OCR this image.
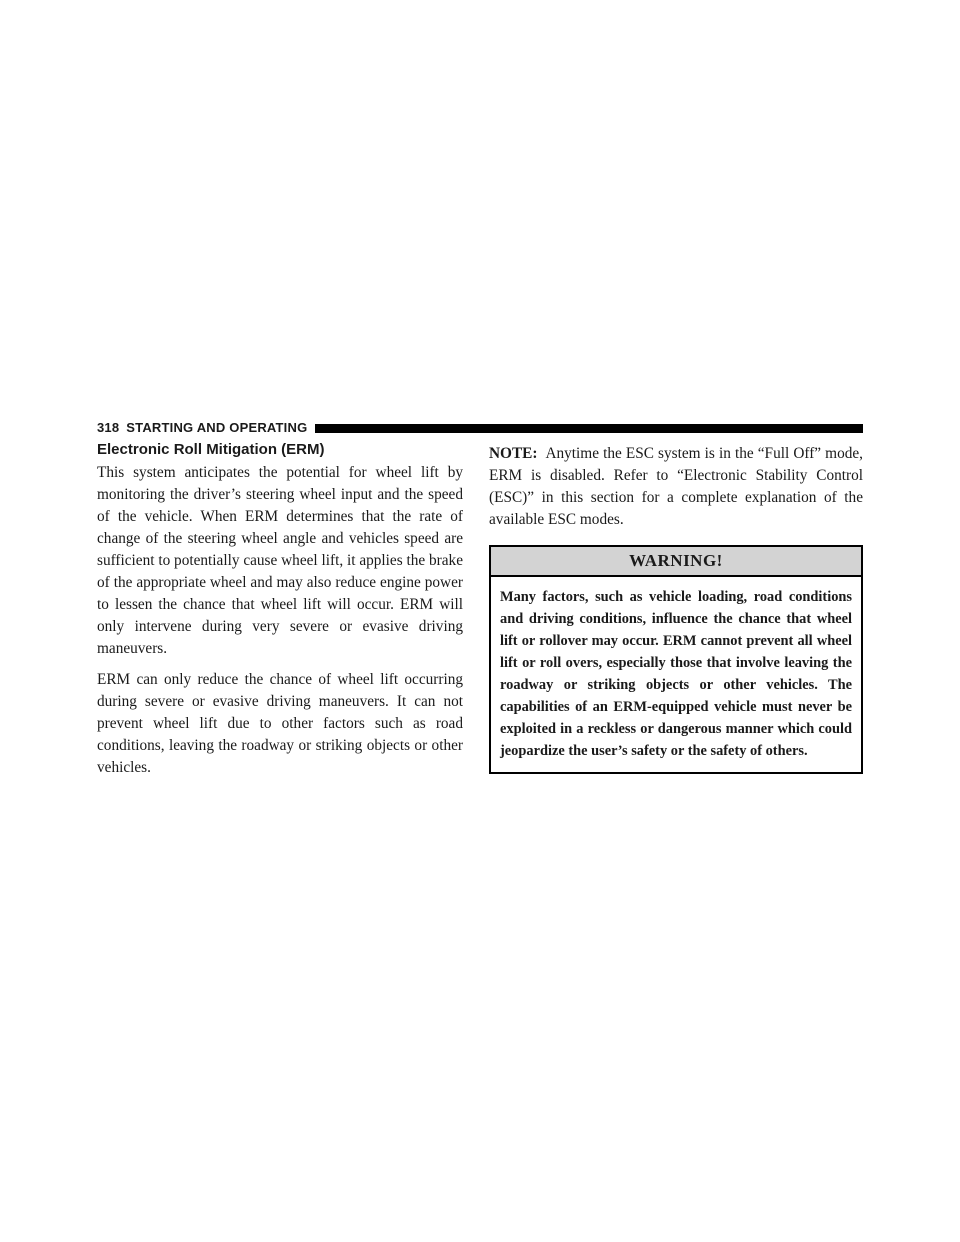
318 STARTING AND OPERATING
Electronic Roll Mitigation (ERM)

This system anticipates the potential for wheel lift by monitoring the driver’s steering wheel input and the speed of the vehicle. When ERM determines that the rate of change of the steering wheel angle and vehicles speed are sufficient to potentially cause wheel lift, it applies the brake of the appropriate wheel and may also reduce engine power to lessen the chance that wheel lift will occur. ERM will only intervene during very severe or evasive driving maneuvers.

ERM can only reduce the chance of wheel lift occurring during severe or evasive driving maneuvers. It can not prevent wheel lift due to other factors such as road conditions, leaving the roadway or striking objects or other vehicles.

NOTE: Anytime the ESC system is in the “Full Off” mode, ERM is disabled. Refer to “Electronic Stability Control (ESC)” in this section for a complete explanation of the available ESC modes.

WARNING!
Many factors, such as vehicle loading, road conditions and driving conditions, influence the chance that wheel lift or rollover may occur. ERM cannot prevent all wheel lift or roll overs, especially those that involve leaving the roadway or striking objects or other vehicles. The capabilities of an ERM-equipped vehicle must never be exploited in a reckless or dangerous manner which could jeopardize the user’s safety or the safety of others.
